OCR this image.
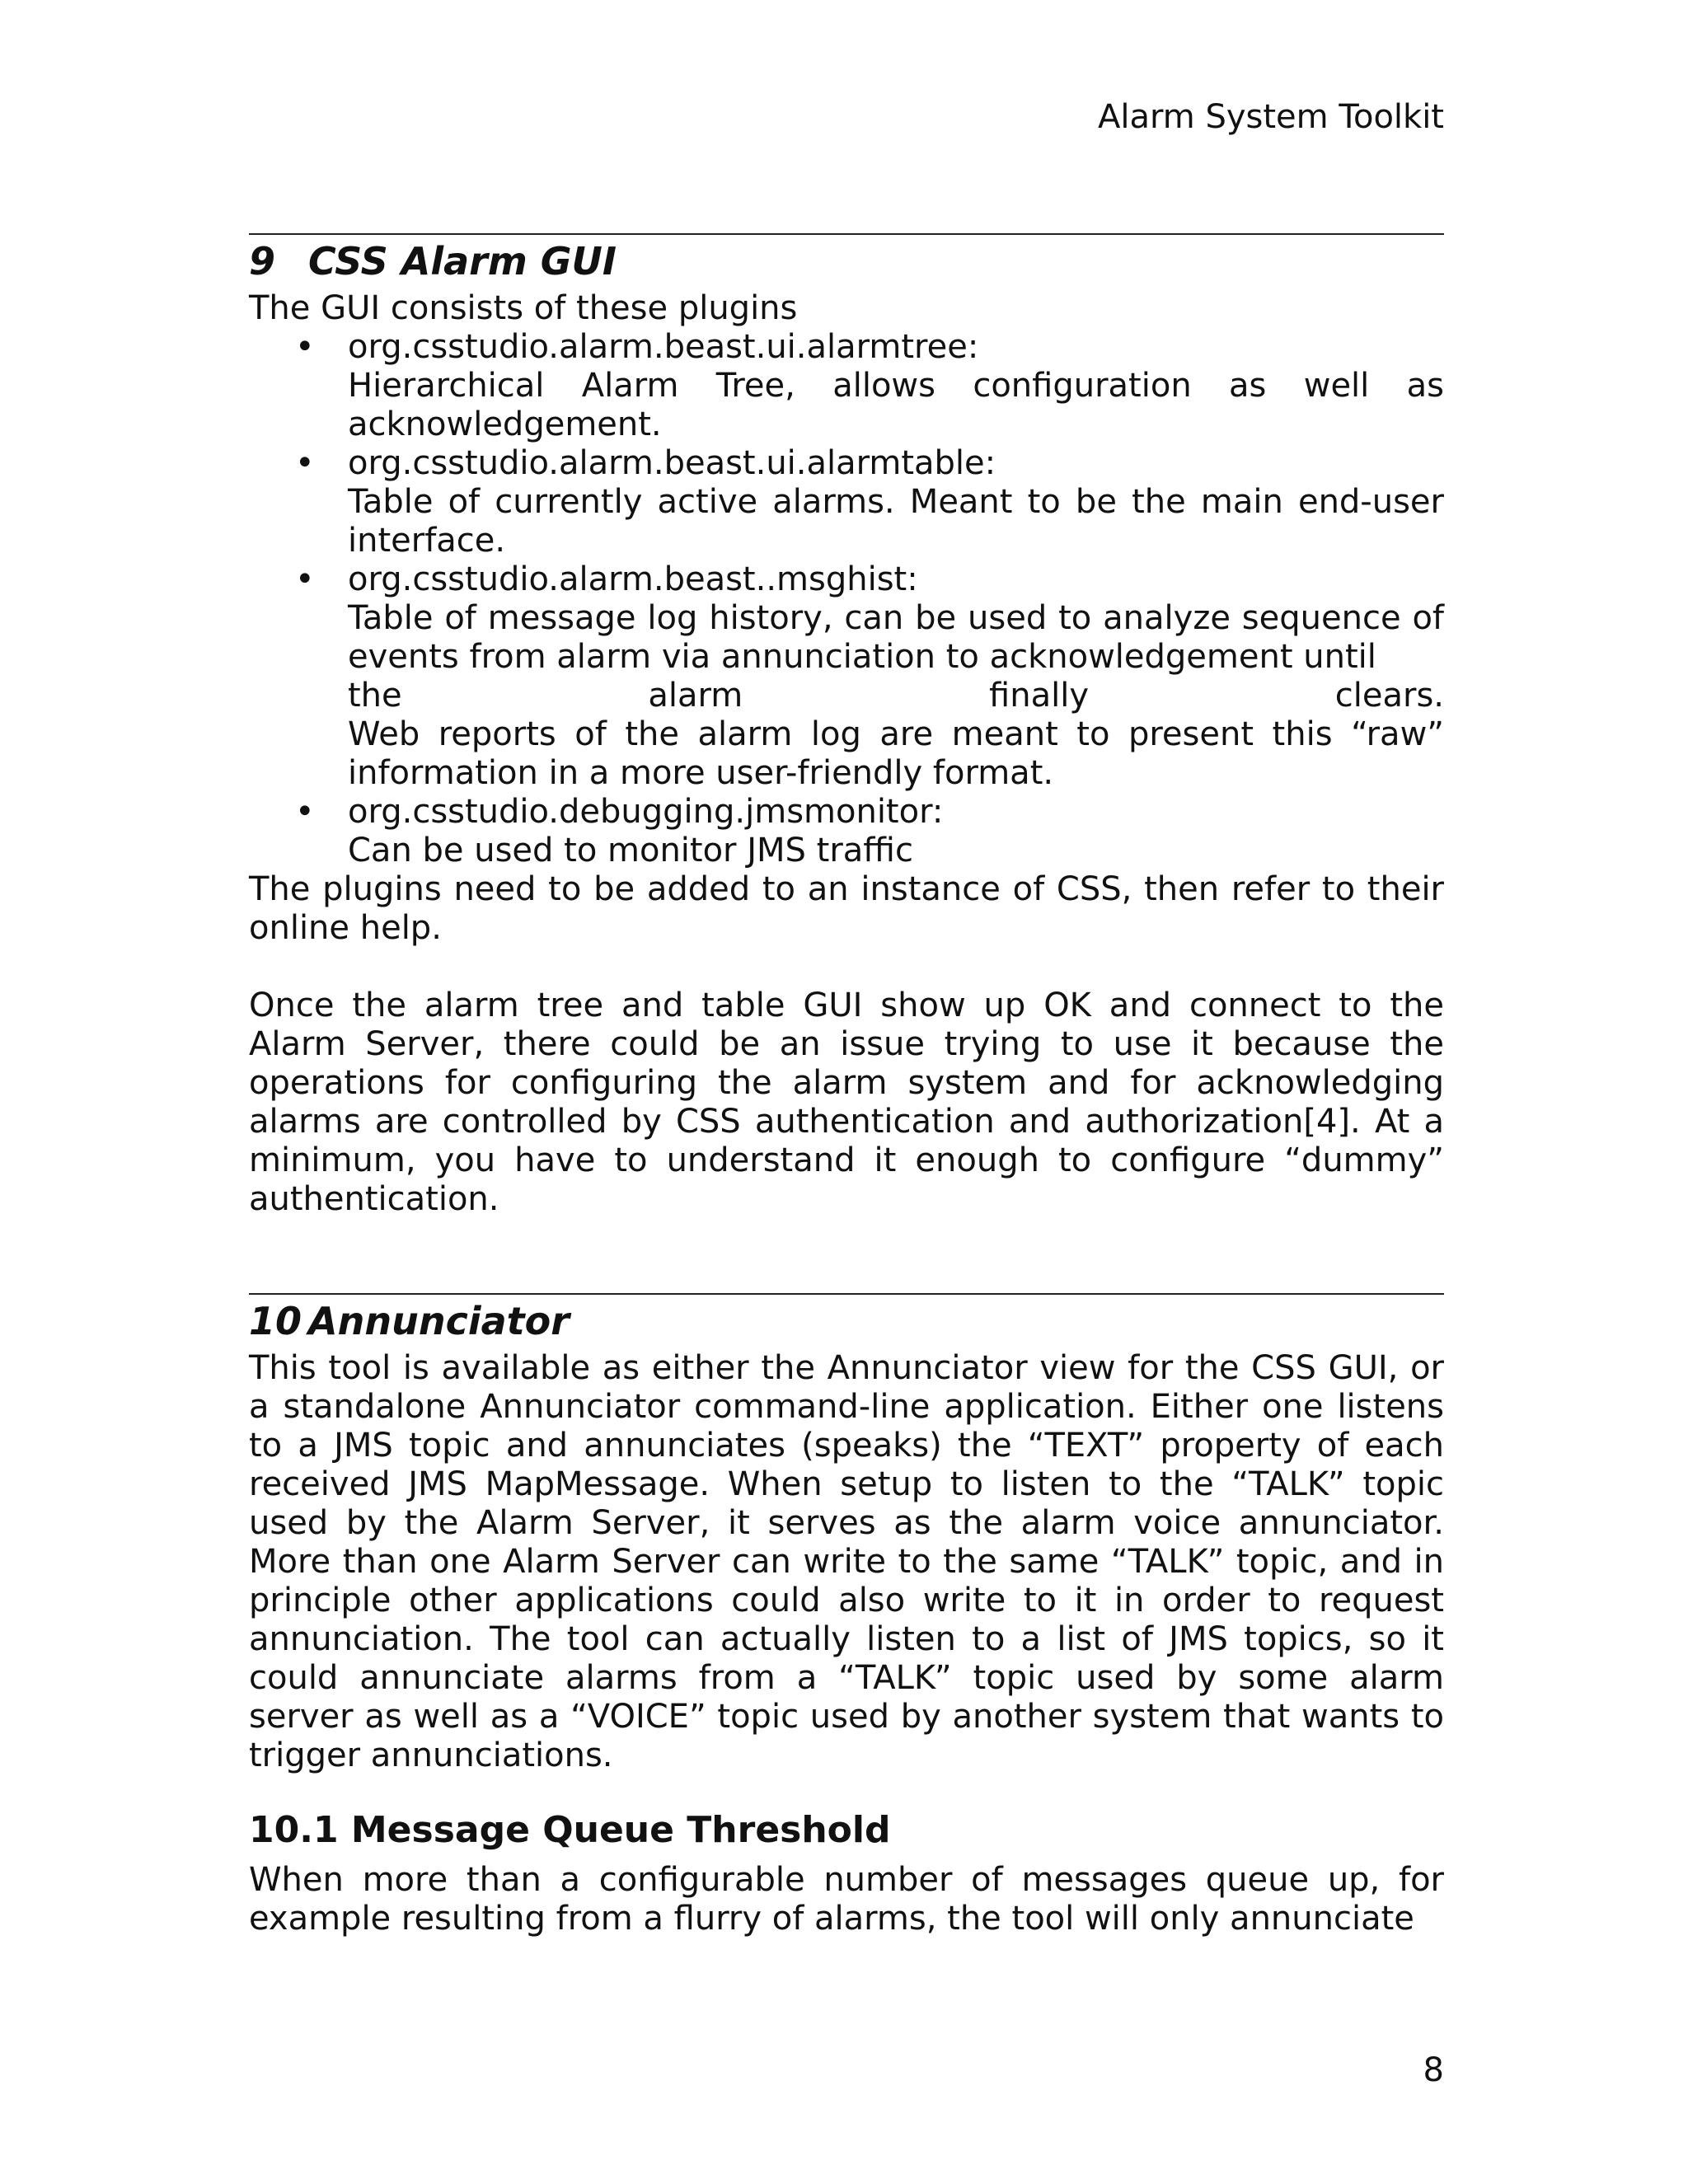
Alarm System Toolkit
9 CSS Alarm GUI

The GUI consists of these plugins

• org.csstudio.alarm.beast.ui.alarmtree:
Hierarchical Alarm Tree, allows configuration as well as acknowledgement.
• org.csstudio.alarm.beast.ui.alarmtable:
Table of currently active alarms. Meant to be the main end-user interface.
• org.csstudio.alarm.beast..msghist:
Table of message log history, can be used to analyze sequence of events from alarm via annunciation to acknowledgement until
the	alarm	finally	clears.
Web reports of the alarm log are meant to present this “raw” information in a more user-friendly format.
• org.csstudio.debugging.jmsmonitor:
Can be used to monitor JMS traffic

The plugins need to be added to an instance of CSS, then refer to their online help.

Once the alarm tree and table GUI show up OK and connect to the Alarm Server, there could be an issue trying to use it because the operations for configuring the alarm system and for acknowledging alarms are controlled by CSS authentication and authorization[4]. At a minimum, you have to understand it enough to configure “dummy” authentication.

10 Annunciator

This tool is available as either the Annunciator view for the CSS GUI, or a standalone Annunciator command-line application. Either one listens to a JMS topic and annunciates (speaks) the “TEXT” property of each received JMS MapMessage. When setup to listen to the “TALK” topic used by the Alarm Server, it serves as the alarm voice annunciator. More than one Alarm Server can write to the same “TALK” topic, and in principle other applications could also write to it in order to request annunciation. The tool can actually listen to a list of JMS topics, so it could annunciate alarms from a “TALK” topic used by some alarm server as well as a “VOICE” topic used by another system that wants to trigger annunciations.

10.1 Message Queue Threshold

When more than a configurable number of messages queue up, for example resulting from a flurry of alarms, the tool will only annunciate

8
